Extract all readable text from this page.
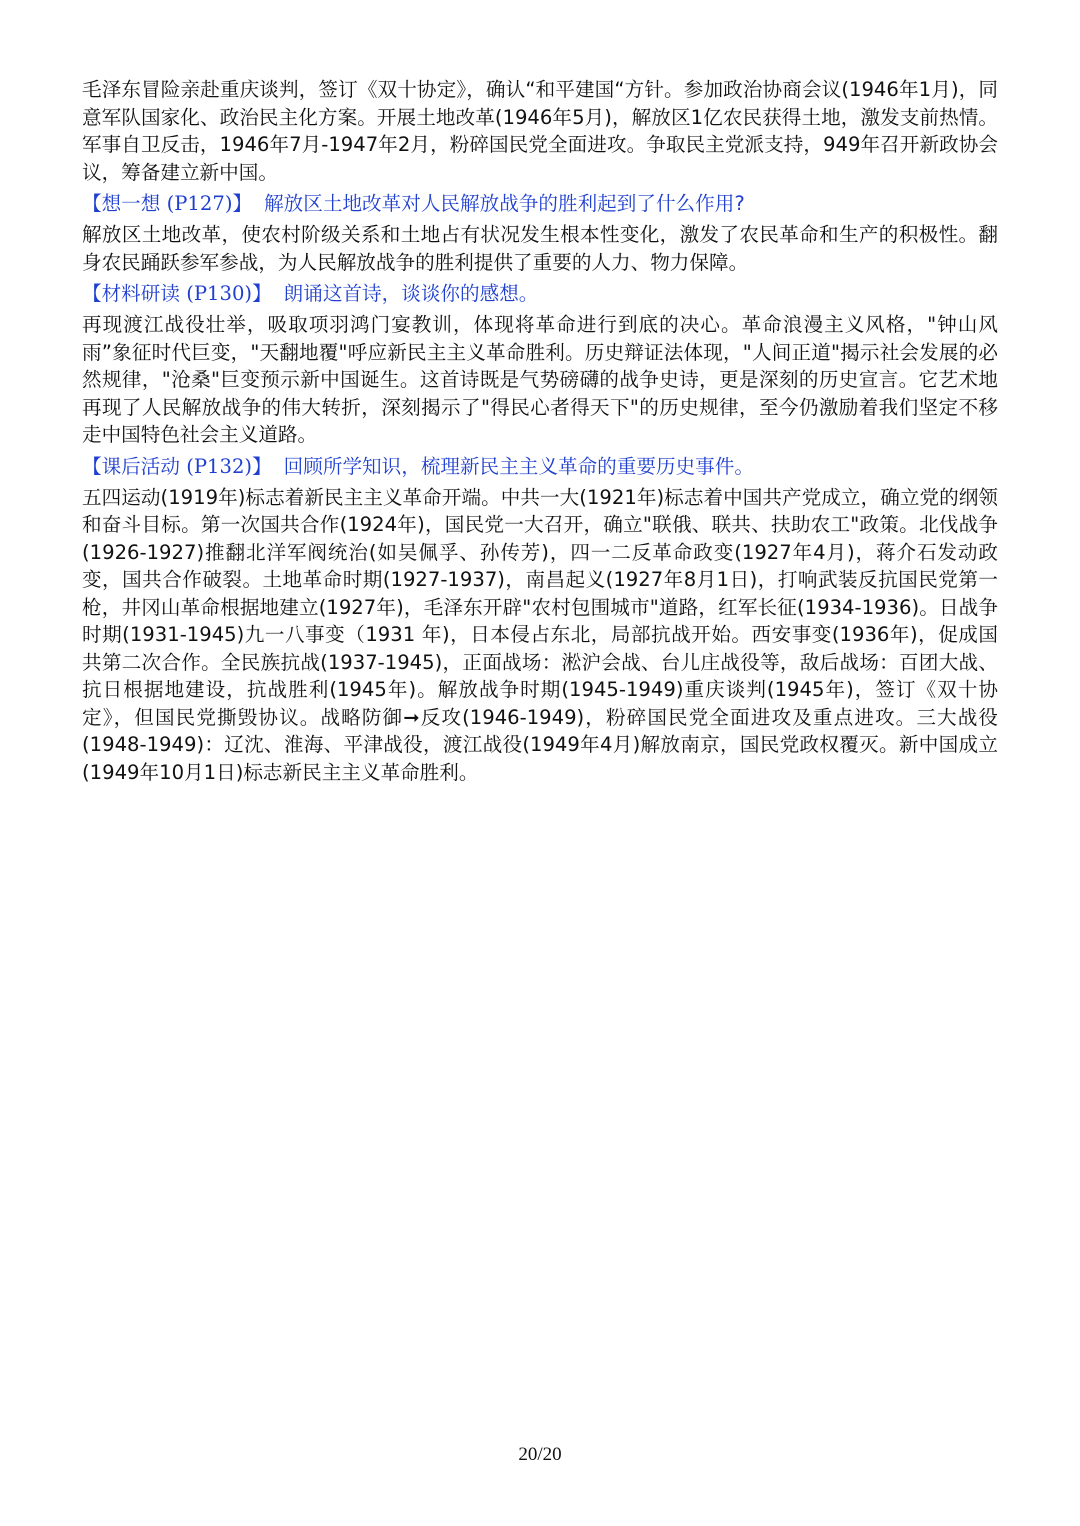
毛泽东冒险亲赴重庆谈判，签订《双十协定》，确认“和平建国“方针。参加政治协商会议(1946年1月)，同意军队国家化、政治民主化方案。开展土地改革(1946年5月)，解放区1亿农民获得土地，激发支前热情。军事自卫反击，1946年7月-1947年2月，粉碎国民党全面进攻。争取民主党派支持，949年召开新政协会议，筹备建立新中国。

【想一想 (P127)】 解放区土地改革对人民解放战争的胜利起到了什么作用?

解放区土地改革，使农村阶级关系和土地占有状况发生根本性变化，激发了农民革命和生产的积极性。翻身农民踊跃参军参战，为人民解放战争的胜利提供了重要的人力、物力保障。

【材料研读 (P130)】 朗诵这首诗，谈谈你的感想。

再现渡江战役壮举，吸取项羽鸿门宴教训，体现将革命进行到底的决心。革命浪漫主义风格，"钟山风雨”象征时代巨变，"天翻地覆"呼应新民主主义革命胜利。历史辩证法体现，"人间正道"揭示社会发展的必然规律，"沧桑"巨变预示新中国诞生。这首诗既是气势磅礴的战争史诗，更是深刻的历史宣言。它艺术地再现了人民解放战争的伟大转折，深刻揭示了"得民心者得天下"的历史规律，至今仍激励着我们坚定不移走中国特色社会主义道路。

【课后活动 (P132)】 回顾所学知识，梳理新民主主义革命的重要历史事件。

五四运动(1919年)标志着新民主主义革命开端。中共一大(1921年)标志着中国共产党成立，确立党的纲领和奋斗目标。第一次国共合作(1924年)，国民党一大召开，确立"联俄、联共、扶助农工"政策。北伐战争(1926-1927)推翻北洋军阀统治(如吴佩孚、孙传芳)，四一二反革命政变(1927年4月)，蒋介石发动政变，国共合作破裂。土地革命时期(1927-1937)，南昌起义(1927年8月1日)，打响武装反抗国民党第一枪，井冈山革命根据地建立(1927年)，毛泽东开辟"农村包围城市"道路，红军长征(1934-1936)。日战争时期(1931-1945)九一八事变（1931 年)，日本侵占东北，局部抗战开始。西安事变(1936年)，促成国共第二次合作。全民族抗战(1937-1945)，正面战场：淞沪会战、台儿庄战役等，敌后战场：百团大战、抗日根据地建设，抗战胜利(1945年)。解放战争时期(1945-1949)重庆谈判(1945年)，签订《双十协定》，但国民党撕毁协议。战略防御➞反攻(1946-1949)，粉碎国民党全面进攻及重点进攻。三大战役(1948-1949)：辽沈、淮海、平津战役，渡江战役(1949年4月)解放南京，国民党政权覆灭。新中国成立(1949年10月1日)标志新民主主义革命胜利。

20/20
